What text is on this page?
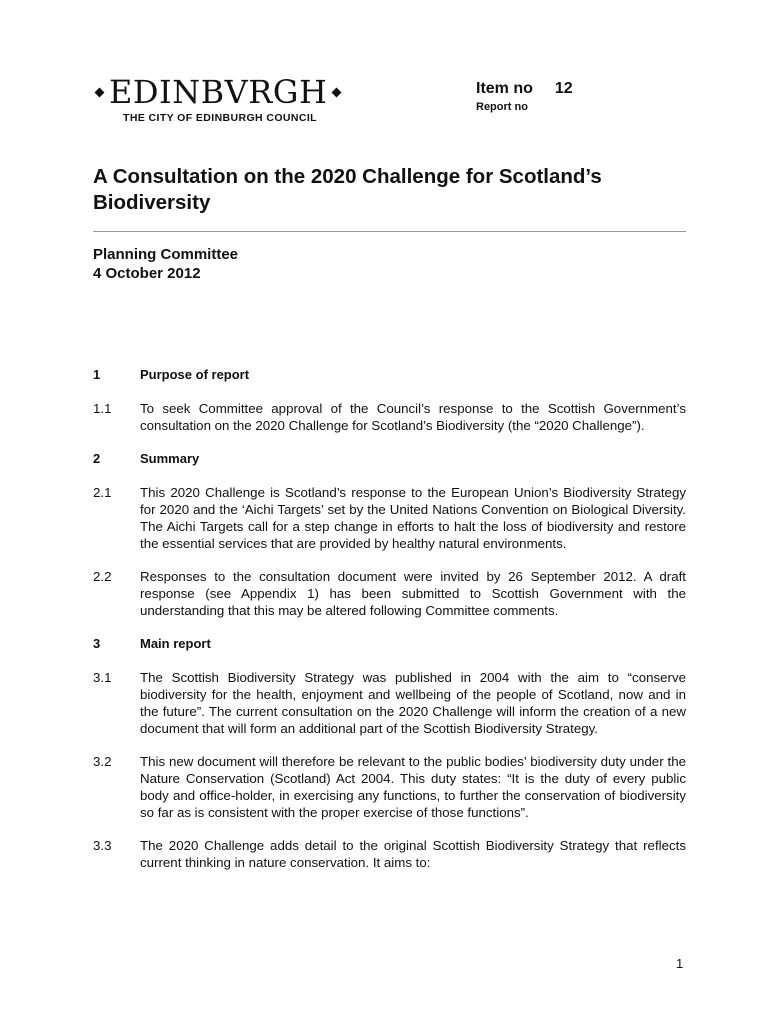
EDINBVRGH
THE CITY OF EDINBURGH COUNCIL
Item no 12
Report no
A Consultation on the 2020 Challenge for Scotland’s Biodiversity
Planning Committee
4 October 2012
1	Purpose of report
1.1	To seek Committee approval of the Council’s response to the Scottish Government’s consultation on the 2020 Challenge for Scotland’s Biodiversity (the “2020 Challenge”).
2	Summary
2.1	This 2020 Challenge is Scotland’s response to the European Union’s Biodiversity Strategy for 2020 and the ‘Aichi Targets’ set by the United Nations Convention on Biological Diversity. The Aichi Targets call for a step change in efforts to halt the loss of biodiversity and restore the essential services that are provided by healthy natural environments.
2.2	Responses to the consultation document were invited by 26 September 2012. A draft response (see Appendix 1) has been submitted to Scottish Government with the understanding that this may be altered following Committee comments.
3	Main report
3.1	The Scottish Biodiversity Strategy was published in 2004 with the aim to “conserve biodiversity for the health, enjoyment and wellbeing of the people of Scotland, now and in the future”. The current consultation on the 2020 Challenge will inform the creation of a new document that will form an additional part of the Scottish Biodiversity Strategy.
3.2	This new document will therefore be relevant to the public bodies’ biodiversity duty under the Nature Conservation (Scotland) Act 2004. This duty states: “It is the duty of every public body and office-holder, in exercising any functions, to further the conservation of biodiversity so far as is consistent with the proper exercise of those functions”.
3.3	The 2020 Challenge adds detail to the original Scottish Biodiversity Strategy that reflects current thinking in nature conservation. It aims to:
1
